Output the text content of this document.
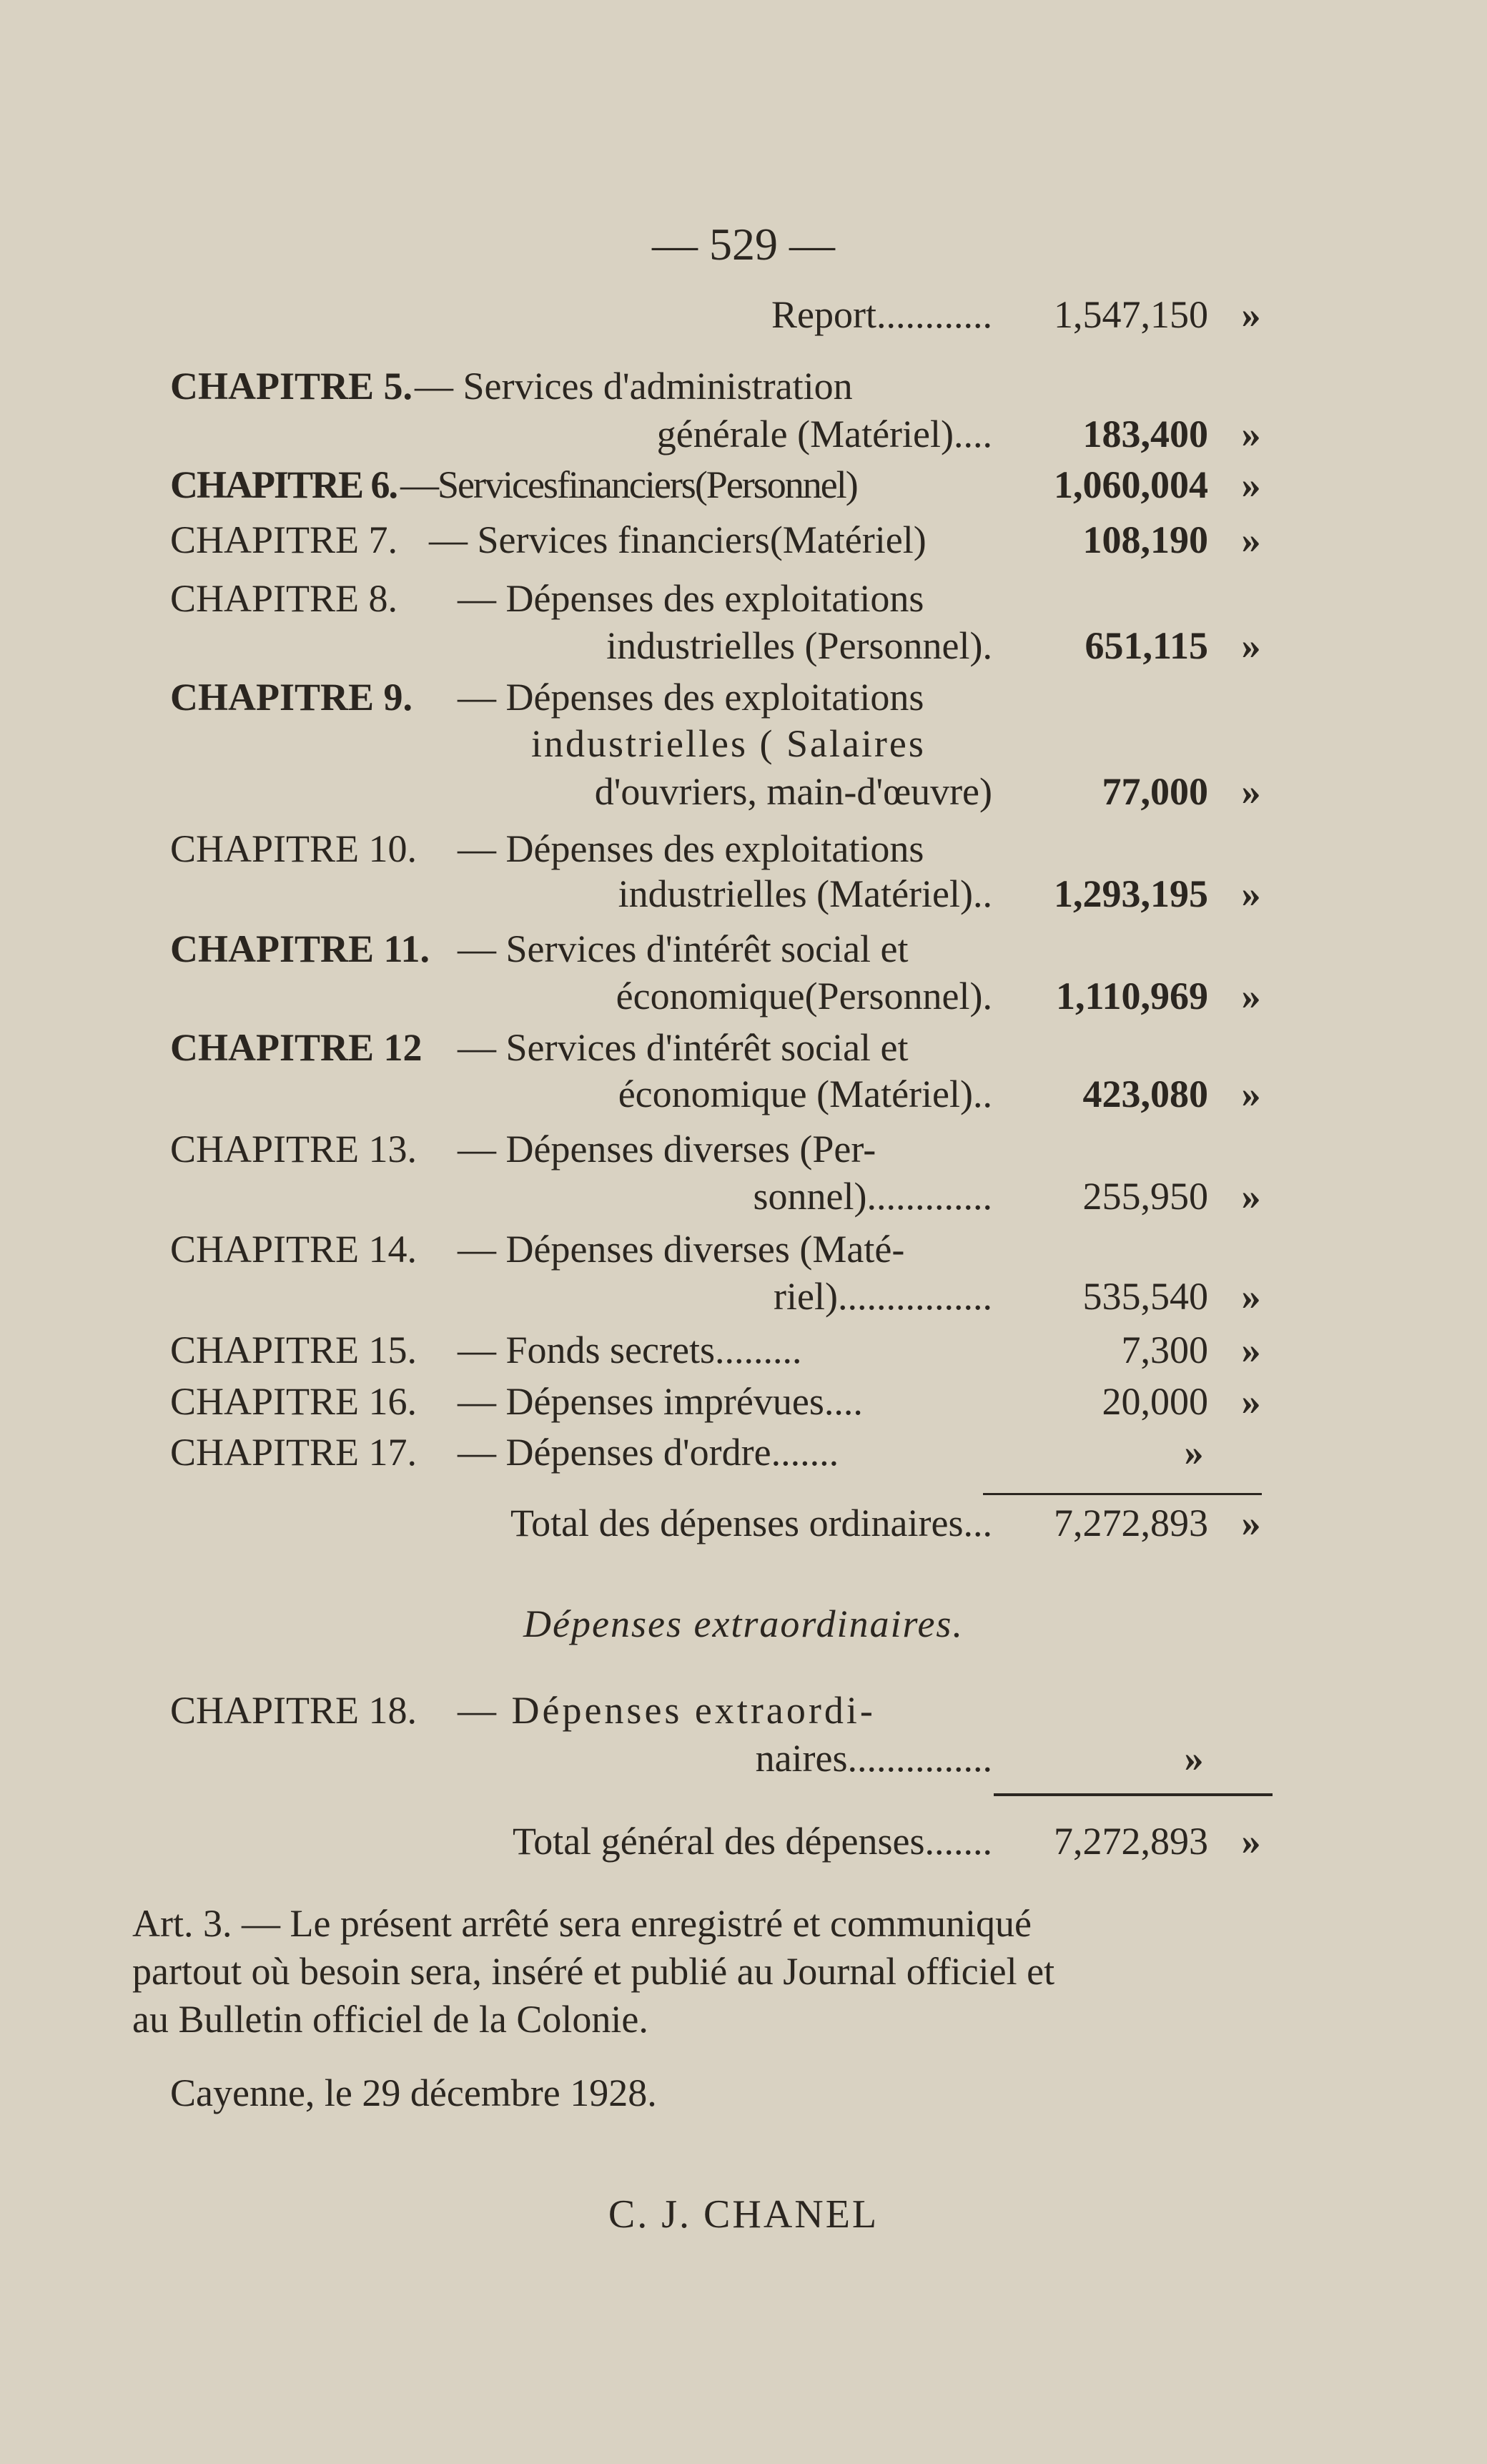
— 529 —
Report............	1,547,150 »
CHAPITRE 5. — Services d'administration
générale (Matériel)....	183,400 »
CHAPITRE 6. —Servicesfinanciers(Personnel)	1,060,004 »
CHAPITRE 7. — Services financiers(Matériel)	108,190 »
CHAPITRE 8.	— Dépenses des exploitations
industrielles (Personnel).	651,115 »
CHAPITRE 9.	— Dépenses des exploitations
industrielles ( Salaires
d'ouvriers, main-d'œuvre)	77,000 »
CHAPITRE 10.	— Dépenses des exploitations
industrielles (Matériel)..	1,293,195 »
CHAPITRE 11. — Services d'intérêt social et
économique(Personnel).	1,110,969 »
CHAPITRE 12 — Services d'intérêt social et
économique (Matériel)..	423,080 »
CHAPITRE 13.	— Dépenses diverses (Per-
sonnel).............	255,950 »
CHAPITRE 14.	— Dépenses diverses (Maté-
riel)................	535,540 »
CHAPITRE 15.	— Fonds secrets.........	7,300 »
CHAPITRE 16.	— Dépenses imprévues....	20,000 »
CHAPITRE 17.	— Dépenses d'ordre.......	»
Total des dépenses ordinaires...	7,272,893 »
Dépenses extraordinaires.
CHAPITRE 18.	— Dépenses extraordi-
naires...............	»
Total général des dépenses.......	7,272,893 »
Art. 3. — Le présent arrêté sera enregistré et communiqué
partout où besoin sera, inséré et publié au Journal officiel et
au Bulletin officiel de la Colonie.
Cayenne, le 29 décembre 1928.
C. J. CHANEL
